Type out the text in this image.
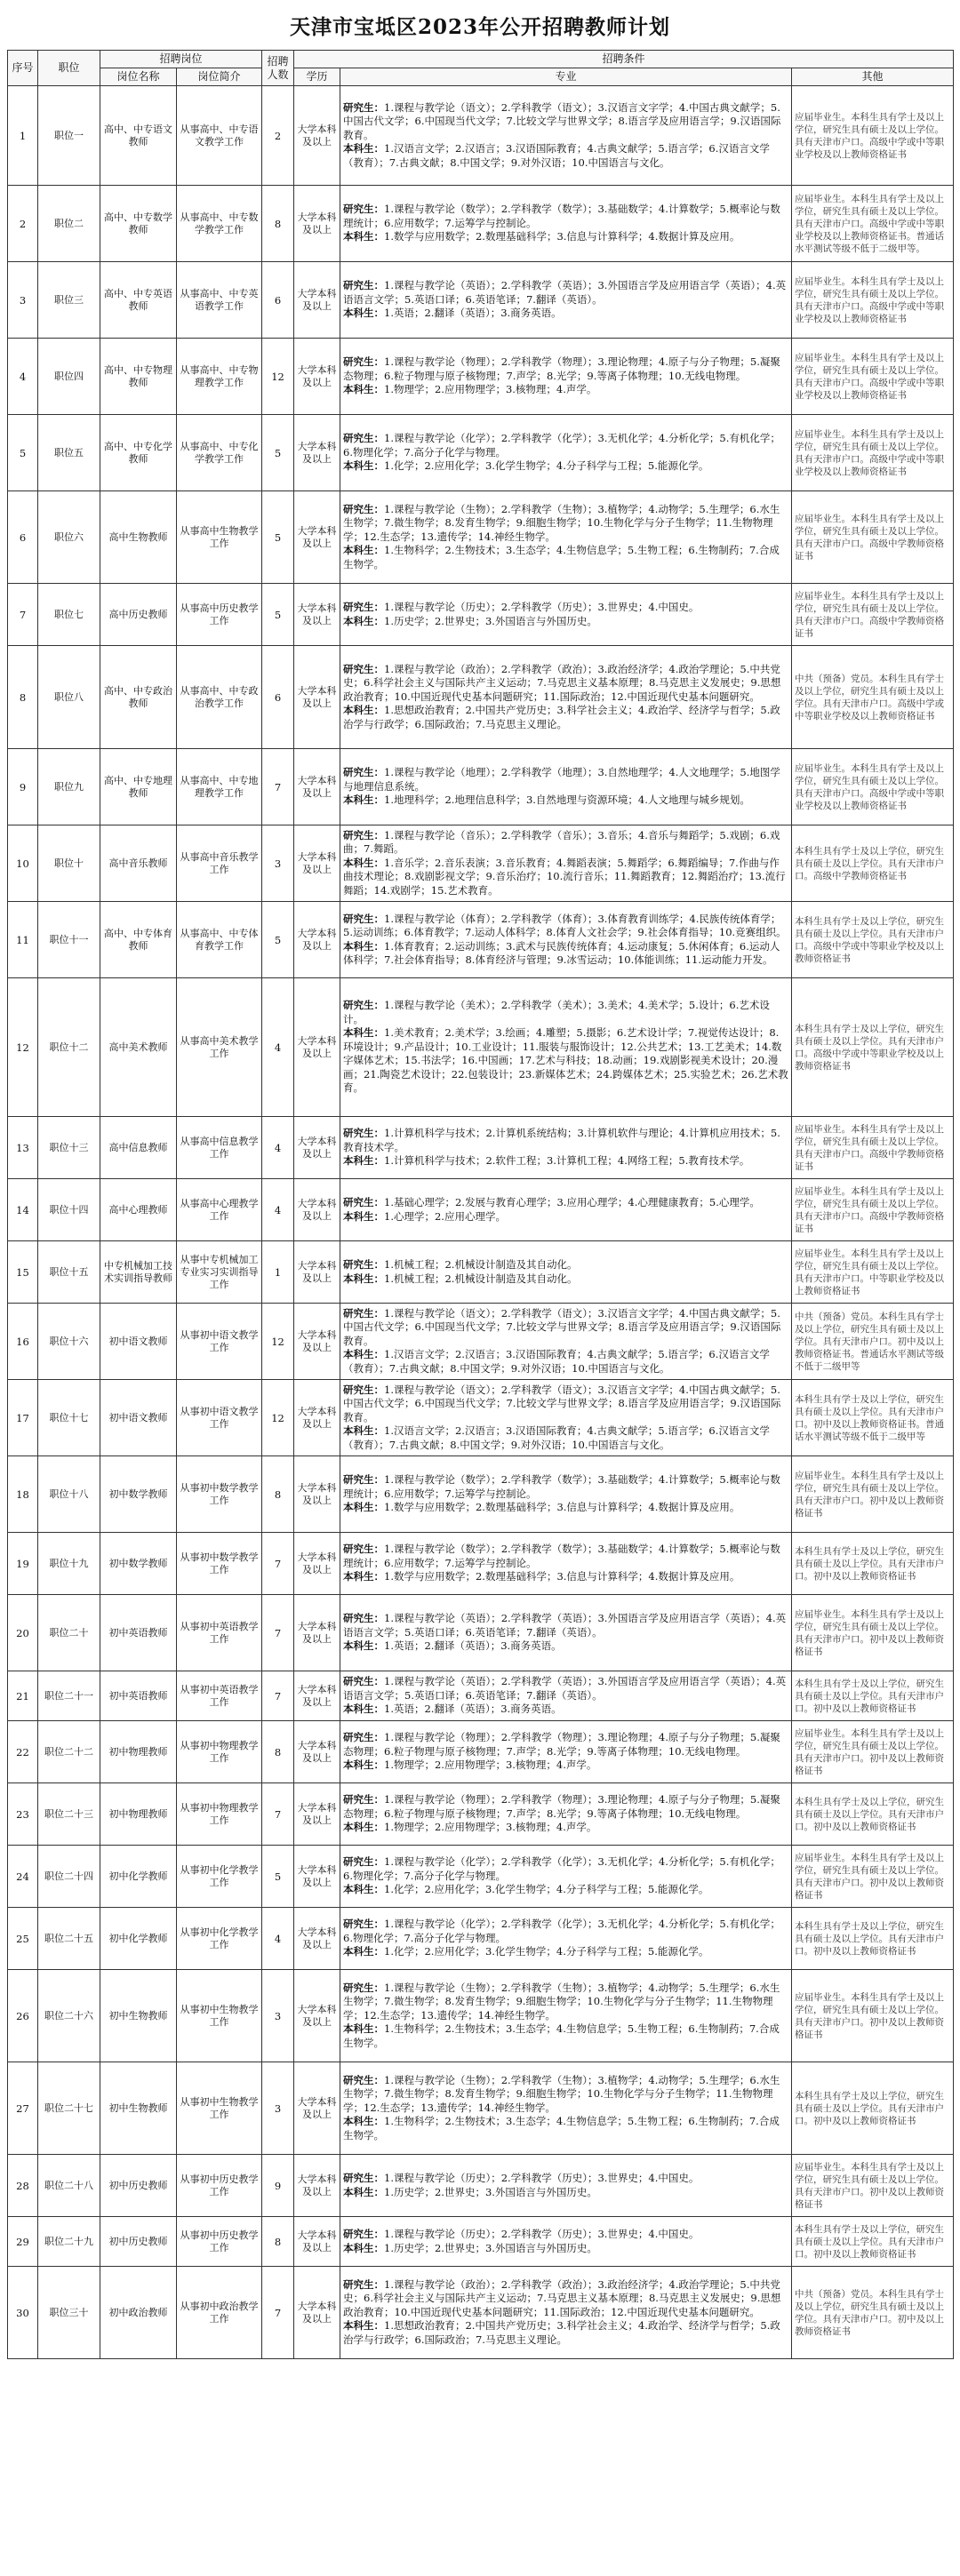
天津市宝坻区2023年公开招聘教师计划
序号	职位	招聘岗位		招聘人数	招聘条件		
		岗位名称	岗位简介		学历	专业	其他
1	职位一	高中、中专语文教师	从事高中、中专语文教学工作	2	大学本科及以上	研究生：1.课程与教学论（语文）；2.学科教学（语文）；3.汉语言文字学；4.中国古典文献学；5.中国古代文学；6.中国现当代文学；7.比较文学与世界文学；8.语言学及应用语言学；9.汉语国际教育。
本科生：1.汉语言文学；2.汉语言；3.汉语国际教育；4.古典文献学；5.语言学；6.汉语言文学（教育）；7.古典文献；8.中国文学；9.对外汉语；10.中国语言与文化。	应届毕业生。本科生具有学士及以上学位，研究生具有硕士及以上学位。具有天津市户口。高级中学或中等职业学校及以上教师资格证书
2	职位二	高中、中专数学教师	从事高中、中专数学教学工作	8	大学本科及以上	研究生：1.课程与教学论（数学）；2.学科教学（数学）；3.基础数学；4.计算数学；5.概率论与数理统计；6.应用数学；7.运筹学与控制论。
本科生：1.数学与应用数学；2.数理基础科学；3.信息与计算科学；4.数据计算及应用。	应届毕业生。本科生具有学士及以上学位，研究生具有硕士及以上学位。具有天津市户口。高级中学或中等职业学校及以上教师资格证书。普通话水平测试等级不低于二级甲等。
3	职位三	高中、中专英语教师	从事高中、中专英语教学工作	6	大学本科及以上	研究生：1.课程与教学论（英语）；2.学科教学（英语）；3.外国语言学及应用语言学（英语）；4.英语语言文学；5.英语口译；6.英语笔译；7.翻译（英语）。
本科生：1.英语；2.翻译（英语）；3.商务英语。	应届毕业生。本科生具有学士及以上学位，研究生具有硕士及以上学位。具有天津市户口。高级中学或中等职业学校及以上教师资格证书
4	职位四	高中、中专物理教师	从事高中、中专物理教学工作	12	大学本科及以上	研究生：1.课程与教学论（物理）；2.学科教学（物理）；3.理论物理；4.原子与分子物理；5.凝聚态物理；6.粒子物理与原子核物理；7.声学；8.光学；9.等离子体物理；10.无线电物理。
本科生：1.物理学；2.应用物理学；3.核物理；4.声学。	应届毕业生。本科生具有学士及以上学位，研究生具有硕士及以上学位。具有天津市户口。高级中学或中等职业学校及以上教师资格证书
5	职位五	高中、中专化学教师	从事高中、中专化学教学工作	5	大学本科及以上	研究生：1.课程与教学论（化学）；2.学科教学（化学）；3.无机化学；4.分析化学；5.有机化学；6.物理化学；7.高分子化学与物理。
本科生：1.化学；2.应用化学；3.化学生物学；4.分子科学与工程；5.能源化学。	应届毕业生。本科生具有学士及以上学位，研究生具有硕士及以上学位。具有天津市户口。高级中学或中等职业学校及以上教师资格证书
6	职位六	高中生物教师	从事高中生物教学工作	5	大学本科及以上	研究生：1.课程与教学论（生物）；2.学科教学（生物）；3.植物学；4.动物学；5.生理学；6.水生生物学；7.微生物学；8.发育生物学；9.细胞生物学；10.生物化学与分子生物学；11.生物物理学；12.生态学；13.遗传学；14.神经生物学。
本科生：1.生物科学；2.生物技术；3.生态学；4.生物信息学；5.生物工程；6.生物制药；7.合成生物学。	应届毕业生。本科生具有学士及以上学位，研究生具有硕士及以上学位。具有天津市户口。高级中学教师资格证书
7	职位七	高中历史教师	从事高中历史教学工作	5	大学本科及以上	研究生：1.课程与教学论（历史）；2.学科教学（历史）；3.世界史；4.中国史。
本科生：1.历史学；2.世界史；3.外国语言与外国历史。	应届毕业生。本科生具有学士及以上学位，研究生具有硕士及以上学位。具有天津市户口。高级中学教师资格证书
8	职位八	高中、中专政治教师	从事高中、中专政治教学工作	6	大学本科及以上	研究生：1.课程与教学论（政治）；2.学科教学（政治）；3.政治经济学；4.政治学理论；5.中共党史；6.科学社会主义与国际共产主义运动；7.马克思主义基本原理；8.马克思主义发展史；9.思想政治教育；10.中国近现代史基本问题研究；11.国际政治；12.中国近现代史基本问题研究。
本科生：1.思想政治教育；2.中国共产党历史；3.科学社会主义；4.政治学、经济学与哲学；5.政治学与行政学；6.国际政治；7.马克思主义理论。	中共（预备）党员。本科生具有学士及以上学位，研究生具有硕士及以上学位。具有天津市户口。高级中学或中等职业学校及以上教师资格证书
9	职位九	高中、中专地理教师	从事高中、中专地理教学工作	7	大学本科及以上	研究生：1.课程与教学论（地理）；2.学科教学（地理）；3.自然地理学；4.人文地理学；5.地图学与地理信息系统。
本科生：1.地理科学；2.地理信息科学；3.自然地理与资源环境；4.人文地理与城乡规划。	应届毕业生。本科生具有学士及以上学位，研究生具有硕士及以上学位。具有天津市户口。高级中学或中等职业学校及以上教师资格证书
10	职位十	高中音乐教师	从事高中音乐教学工作	3	大学本科及以上	研究生：1.课程与教学论（音乐）；2.学科教学（音乐）；3.音乐；4.音乐与舞蹈学；5.戏剧；6.戏曲；7.舞蹈。
本科生：1.音乐学；2.音乐表演；3.音乐教育；4.舞蹈表演；5.舞蹈学；6.舞蹈编导；7.作曲与作曲技术理论；8.戏剧影视文学；9.音乐治疗；10.流行音乐；11.舞蹈教育；12.舞蹈治疗；13.流行舞蹈；14.戏剧学；15.艺术教育。	本科生具有学士及以上学位，研究生具有硕士及以上学位。具有天津市户口。高级中学教师资格证书
11	职位十一	高中、中专体育教师	从事高中、中专体育教学工作	5	大学本科及以上	研究生：1.课程与教学论（体育）；2.学科教学（体育）；3.体育教育训练学；4.民族传统体育学；5.运动训练；6.体育教学；7.运动人体科学；8.体育人文社会学；9.社会体育指导；10.竞赛组织。
本科生：1.体育教育；2.运动训练；3.武术与民族传统体育；4.运动康复；5.休闲体育；6.运动人体科学；7.社会体育指导；8.体育经济与管理；9.冰雪运动；10.体能训练；11.运动能力开发。	本科生具有学士及以上学位，研究生具有硕士及以上学位。具有天津市户口。高级中学或中等职业学校及以上教师资格证书
12	职位十二	高中美术教师	从事高中美术教学工作	4	大学本科及以上	研究生：1.课程与教学论（美术）；2.学科教学（美术）；3.美术；4.美术学；5.设计；6.艺术设计。
本科生：1.美术教育；2.美术学；3.绘画；4.雕塑；5.摄影；6.艺术设计学；7.视觉传达设计；8.环境设计；9.产品设计；10.工业设计；11.服装与服饰设计；12.公共艺术；13.工艺美术；14.数字媒体艺术；15.书法学；16.中国画；17.艺术与科技；18.动画；19.戏剧影视美术设计；20.漫画；21.陶瓷艺术设计；22.包装设计；23.新媒体艺术；24.跨媒体艺术；25.实验艺术；26.艺术教育。	本科生具有学士及以上学位，研究生具有硕士及以上学位。具有天津市户口。高级中学或中等职业学校及以上教师资格证书
13	职位十三	高中信息教师	从事高中信息教学工作	4	大学本科及以上	研究生：1.计算机科学与技术；2.计算机系统结构；3.计算机软件与理论；4.计算机应用技术；5.教育技术学。
本科生：1.计算机科学与技术；2.软件工程；3.计算机工程；4.网络工程；5.教育技术学。	应届毕业生。本科生具有学士及以上学位，研究生具有硕士及以上学位。具有天津市户口。高级中学教师资格证书
14	职位十四	高中心理教师	从事高中心理教学工作	4	大学本科及以上	研究生：1.基础心理学；2.发展与教育心理学；3.应用心理学；4.心理健康教育；5.心理学。
本科生：1.心理学；2.应用心理学。	应届毕业生。本科生具有学士及以上学位，研究生具有硕士及以上学位。具有天津市户口。高级中学教师资格证书
15	职位十五	中专机械加工技术实训指导教师	从事中专机械加工专业实习实训指导工作	1	大学本科及以上	研究生：1.机械工程；2.机械设计制造及其自动化。
本科生：1.机械工程；2.机械设计制造及其自动化。	应届毕业生。本科生具有学士及以上学位，研究生具有硕士及以上学位。具有天津市户口。中等职业学校及以上教师资格证书
16	职位十六	初中语文教师	从事初中语文教学工作	12	大学本科及以上	研究生：1.课程与教学论（语文）；2.学科教学（语文）；3.汉语言文字学；4.中国古典文献学；5.中国古代文学；6.中国现当代文学；7.比较文学与世界文学；8.语言学及应用语言学；9.汉语国际教育。
本科生：1.汉语言文学；2.汉语言；3.汉语国际教育；4.古典文献学；5.语言学；6.汉语言文学（教育）；7.古典文献；8.中国文学；9.对外汉语；10.中国语言与文化。	中共（预备）党员。本科生具有学士及以上学位，研究生具有硕士及以上学位。具有天津市户口。初中及以上教师资格证书。普通话水平测试等级不低于二级甲等
17	职位十七	初中语文教师	从事初中语文教学工作	12	大学本科及以上	研究生：1.课程与教学论（语文）；2.学科教学（语文）；3.汉语言文字学；4.中国古典文献学；5.中国古代文学；6.中国现当代文学；7.比较文学与世界文学；8.语言学及应用语言学；9.汉语国际教育。
本科生：1.汉语言文学；2.汉语言；3.汉语国际教育；4.古典文献学；5.语言学；6.汉语言文学（教育）；7.古典文献；8.中国文学；9.对外汉语；10.中国语言与文化。	本科生具有学士及以上学位，研究生具有硕士及以上学位。具有天津市户口。初中及以上教师资格证书。普通话水平测试等级不低于二级甲等
18	职位十八	初中数学教师	从事初中数学教学工作	8	大学本科及以上	研究生：1.课程与教学论（数学）；2.学科教学（数学）；3.基础数学；4.计算数学；5.概率论与数理统计；6.应用数学；7.运筹学与控制论。
本科生：1.数学与应用数学；2.数理基础科学；3.信息与计算科学；4.数据计算及应用。	应届毕业生。本科生具有学士及以上学位，研究生具有硕士及以上学位。具有天津市户口。初中及以上教师资格证书
19	职位十九	初中数学教师	从事初中数学教学工作	7	大学本科及以上	研究生：1.课程与教学论（数学）；2.学科教学（数学）；3.基础数学；4.计算数学；5.概率论与数理统计；6.应用数学；7.运筹学与控制论。
本科生：1.数学与应用数学；2.数理基础科学；3.信息与计算科学；4.数据计算及应用。	本科生具有学士及以上学位，研究生具有硕士及以上学位。具有天津市户口。初中及以上教师资格证书
20	职位二十	初中英语教师	从事初中英语教学工作	7	大学本科及以上	研究生：1.课程与教学论（英语）；2.学科教学（英语）；3.外国语言学及应用语言学（英语）；4.英语语言文学；5.英语口译；6.英语笔译；7.翻译（英语）。
本科生：1.英语；2.翻译（英语）；3.商务英语。	应届毕业生。本科生具有学士及以上学位，研究生具有硕士及以上学位。具有天津市户口。初中及以上教师资格证书
21	职位二十一	初中英语教师	从事初中英语教学工作	7	大学本科及以上	研究生：1.课程与教学论（英语）；2.学科教学（英语）；3.外国语言学及应用语言学（英语）；4.英语语言文学；5.英语口译；6.英语笔译；7.翻译（英语）。
本科生：1.英语；2.翻译（英语）；3.商务英语。	本科生具有学士及以上学位，研究生具有硕士及以上学位。具有天津市户口。初中及以上教师资格证书
22	职位二十二	初中物理教师	从事初中物理教学工作	8	大学本科及以上	研究生：1.课程与教学论（物理）；2.学科教学（物理）；3.理论物理；4.原子与分子物理；5.凝聚态物理；6.粒子物理与原子核物理；7.声学；8.光学；9.等离子体物理；10.无线电物理。
本科生：1.物理学；2.应用物理学；3.核物理；4.声学。	应届毕业生。本科生具有学士及以上学位，研究生具有硕士及以上学位。具有天津市户口。初中及以上教师资格证书
23	职位二十三	初中物理教师	从事初中物理教学工作	7	大学本科及以上	研究生：1.课程与教学论（物理）；2.学科教学（物理）；3.理论物理；4.原子与分子物理；5.凝聚态物理；6.粒子物理与原子核物理；7.声学；8.光学；9.等离子体物理；10.无线电物理。
本科生：1.物理学；2.应用物理学；3.核物理；4.声学。	本科生具有学士及以上学位，研究生具有硕士及以上学位。具有天津市户口。初中及以上教师资格证书
24	职位二十四	初中化学教师	从事初中化学教学工作	5	大学本科及以上	研究生：1.课程与教学论（化学）；2.学科教学（化学）；3.无机化学；4.分析化学；5.有机化学；6.物理化学；7.高分子化学与物理。
本科生：1.化学；2.应用化学；3.化学生物学；4.分子科学与工程；5.能源化学。	应届毕业生。本科生具有学士及以上学位，研究生具有硕士及以上学位。具有天津市户口。初中及以上教师资格证书
25	职位二十五	初中化学教师	从事初中化学教学工作	4	大学本科及以上	研究生：1.课程与教学论（化学）；2.学科教学（化学）；3.无机化学；4.分析化学；5.有机化学；6.物理化学；7.高分子化学与物理。
本科生：1.化学；2.应用化学；3.化学生物学；4.分子科学与工程；5.能源化学。	本科生具有学士及以上学位，研究生具有硕士及以上学位。具有天津市户口。初中及以上教师资格证书
26	职位二十六	初中生物教师	从事初中生物教学工作	3	大学本科及以上	研究生：1.课程与教学论（生物）；2.学科教学（生物）；3.植物学；4.动物学；5.生理学；6.水生生物学；7.微生物学；8.发育生物学；9.细胞生物学；10.生物化学与分子生物学；11.生物物理学；12.生态学；13.遗传学；14.神经生物学。
本科生：1.生物科学；2.生物技术；3.生态学；4.生物信息学；5.生物工程；6.生物制药；7.合成生物学。	应届毕业生。本科生具有学士及以上学位，研究生具有硕士及以上学位。具有天津市户口。初中及以上教师资格证书
27	职位二十七	初中生物教师	从事初中生物教学工作	3	大学本科及以上	研究生：1.课程与教学论（生物）；2.学科教学（生物）；3.植物学；4.动物学；5.生理学；6.水生生物学；7.微生物学；8.发育生物学；9.细胞生物学；10.生物化学与分子生物学；11.生物物理学；12.生态学；13.遗传学；14.神经生物学。
本科生：1.生物科学；2.生物技术；3.生态学；4.生物信息学；5.生物工程；6.生物制药；7.合成生物学。	本科生具有学士及以上学位，研究生具有硕士及以上学位。具有天津市户口。初中及以上教师资格证书
28	职位二十八	初中历史教师	从事初中历史教学工作	9	大学本科及以上	研究生：1.课程与教学论（历史）；2.学科教学（历史）；3.世界史；4.中国史。
本科生：1.历史学；2.世界史；3.外国语言与外国历史。	应届毕业生。本科生具有学士及以上学位，研究生具有硕士及以上学位。具有天津市户口。初中及以上教师资格证书
29	职位二十九	初中历史教师	从事初中历史教学工作	8	大学本科及以上	研究生：1.课程与教学论（历史）；2.学科教学（历史）；3.世界史；4.中国史。
本科生：1.历史学；2.世界史；3.外国语言与外国历史。	本科生具有学士及以上学位，研究生具有硕士及以上学位。具有天津市户口。初中及以上教师资格证书
30	职位三十	初中政治教师	从事初中政治教学工作	7	大学本科及以上	研究生：1.课程与教学论（政治）；2.学科教学（政治）；3.政治经济学；4.政治学理论；5.中共党史；6.科学社会主义与国际共产主义运动；7.马克思主义基本原理；8.马克思主义发展史；9.思想政治教育；10.中国近现代史基本问题研究；11.国际政治；12.中国近现代史基本问题研究。
本科生：1.思想政治教育；2.中国共产党历史；3.科学社会主义；4.政治学、经济学与哲学；5.政治学与行政学；6.国际政治；7.马克思主义理论。	中共（预备）党员。本科生具有学士及以上学位，研究生具有硕士及以上学位。具有天津市户口。初中及以上教师资格证书
